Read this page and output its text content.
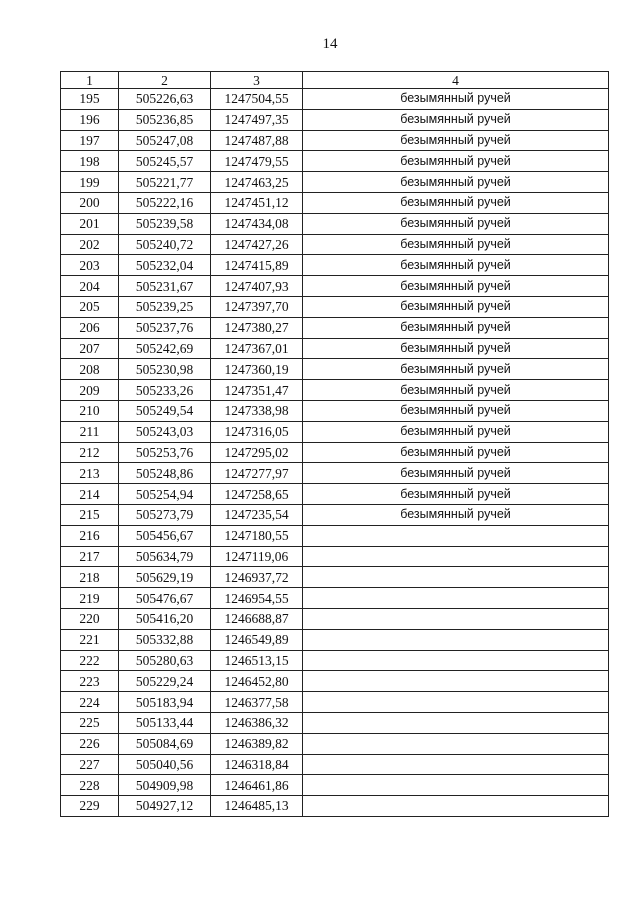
14
1	2	3	4
195	505226,63	1247504,55	безымянный ручей
196	505236,85	1247497,35	безымянный ручей
197	505247,08	1247487,88	безымянный ручей
198	505245,57	1247479,55	безымянный ручей
199	505221,77	1247463,25	безымянный ручей
200	505222,16	1247451,12	безымянный ручей
201	505239,58	1247434,08	безымянный ручей
202	505240,72	1247427,26	безымянный ручей
203	505232,04	1247415,89	безымянный ручей
204	505231,67	1247407,93	безымянный ручей
205	505239,25	1247397,70	безымянный ручей
206	505237,76	1247380,27	безымянный ручей
207	505242,69	1247367,01	безымянный ручей
208	505230,98	1247360,19	безымянный ручей
209	505233,26	1247351,47	безымянный ручей
210	505249,54	1247338,98	безымянный ручей
211	505243,03	1247316,05	безымянный ручей
212	505253,76	1247295,02	безымянный ручей
213	505248,86	1247277,97	безымянный ручей
214	505254,94	1247258,65	безымянный ручей
215	505273,79	1247235,54	безымянный ручей
216	505456,67	1247180,55	
217	505634,79	1247119,06	
218	505629,19	1246937,72	
219	505476,67	1246954,55	
220	505416,20	1246688,87	
221	505332,88	1246549,89	
222	505280,63	1246513,15	
223	505229,24	1246452,80	
224	505183,94	1246377,58	
225	505133,44	1246386,32	
226	505084,69	1246389,82	
227	505040,56	1246318,84	
228	504909,98	1246461,86	
229	504927,12	1246485,13	
